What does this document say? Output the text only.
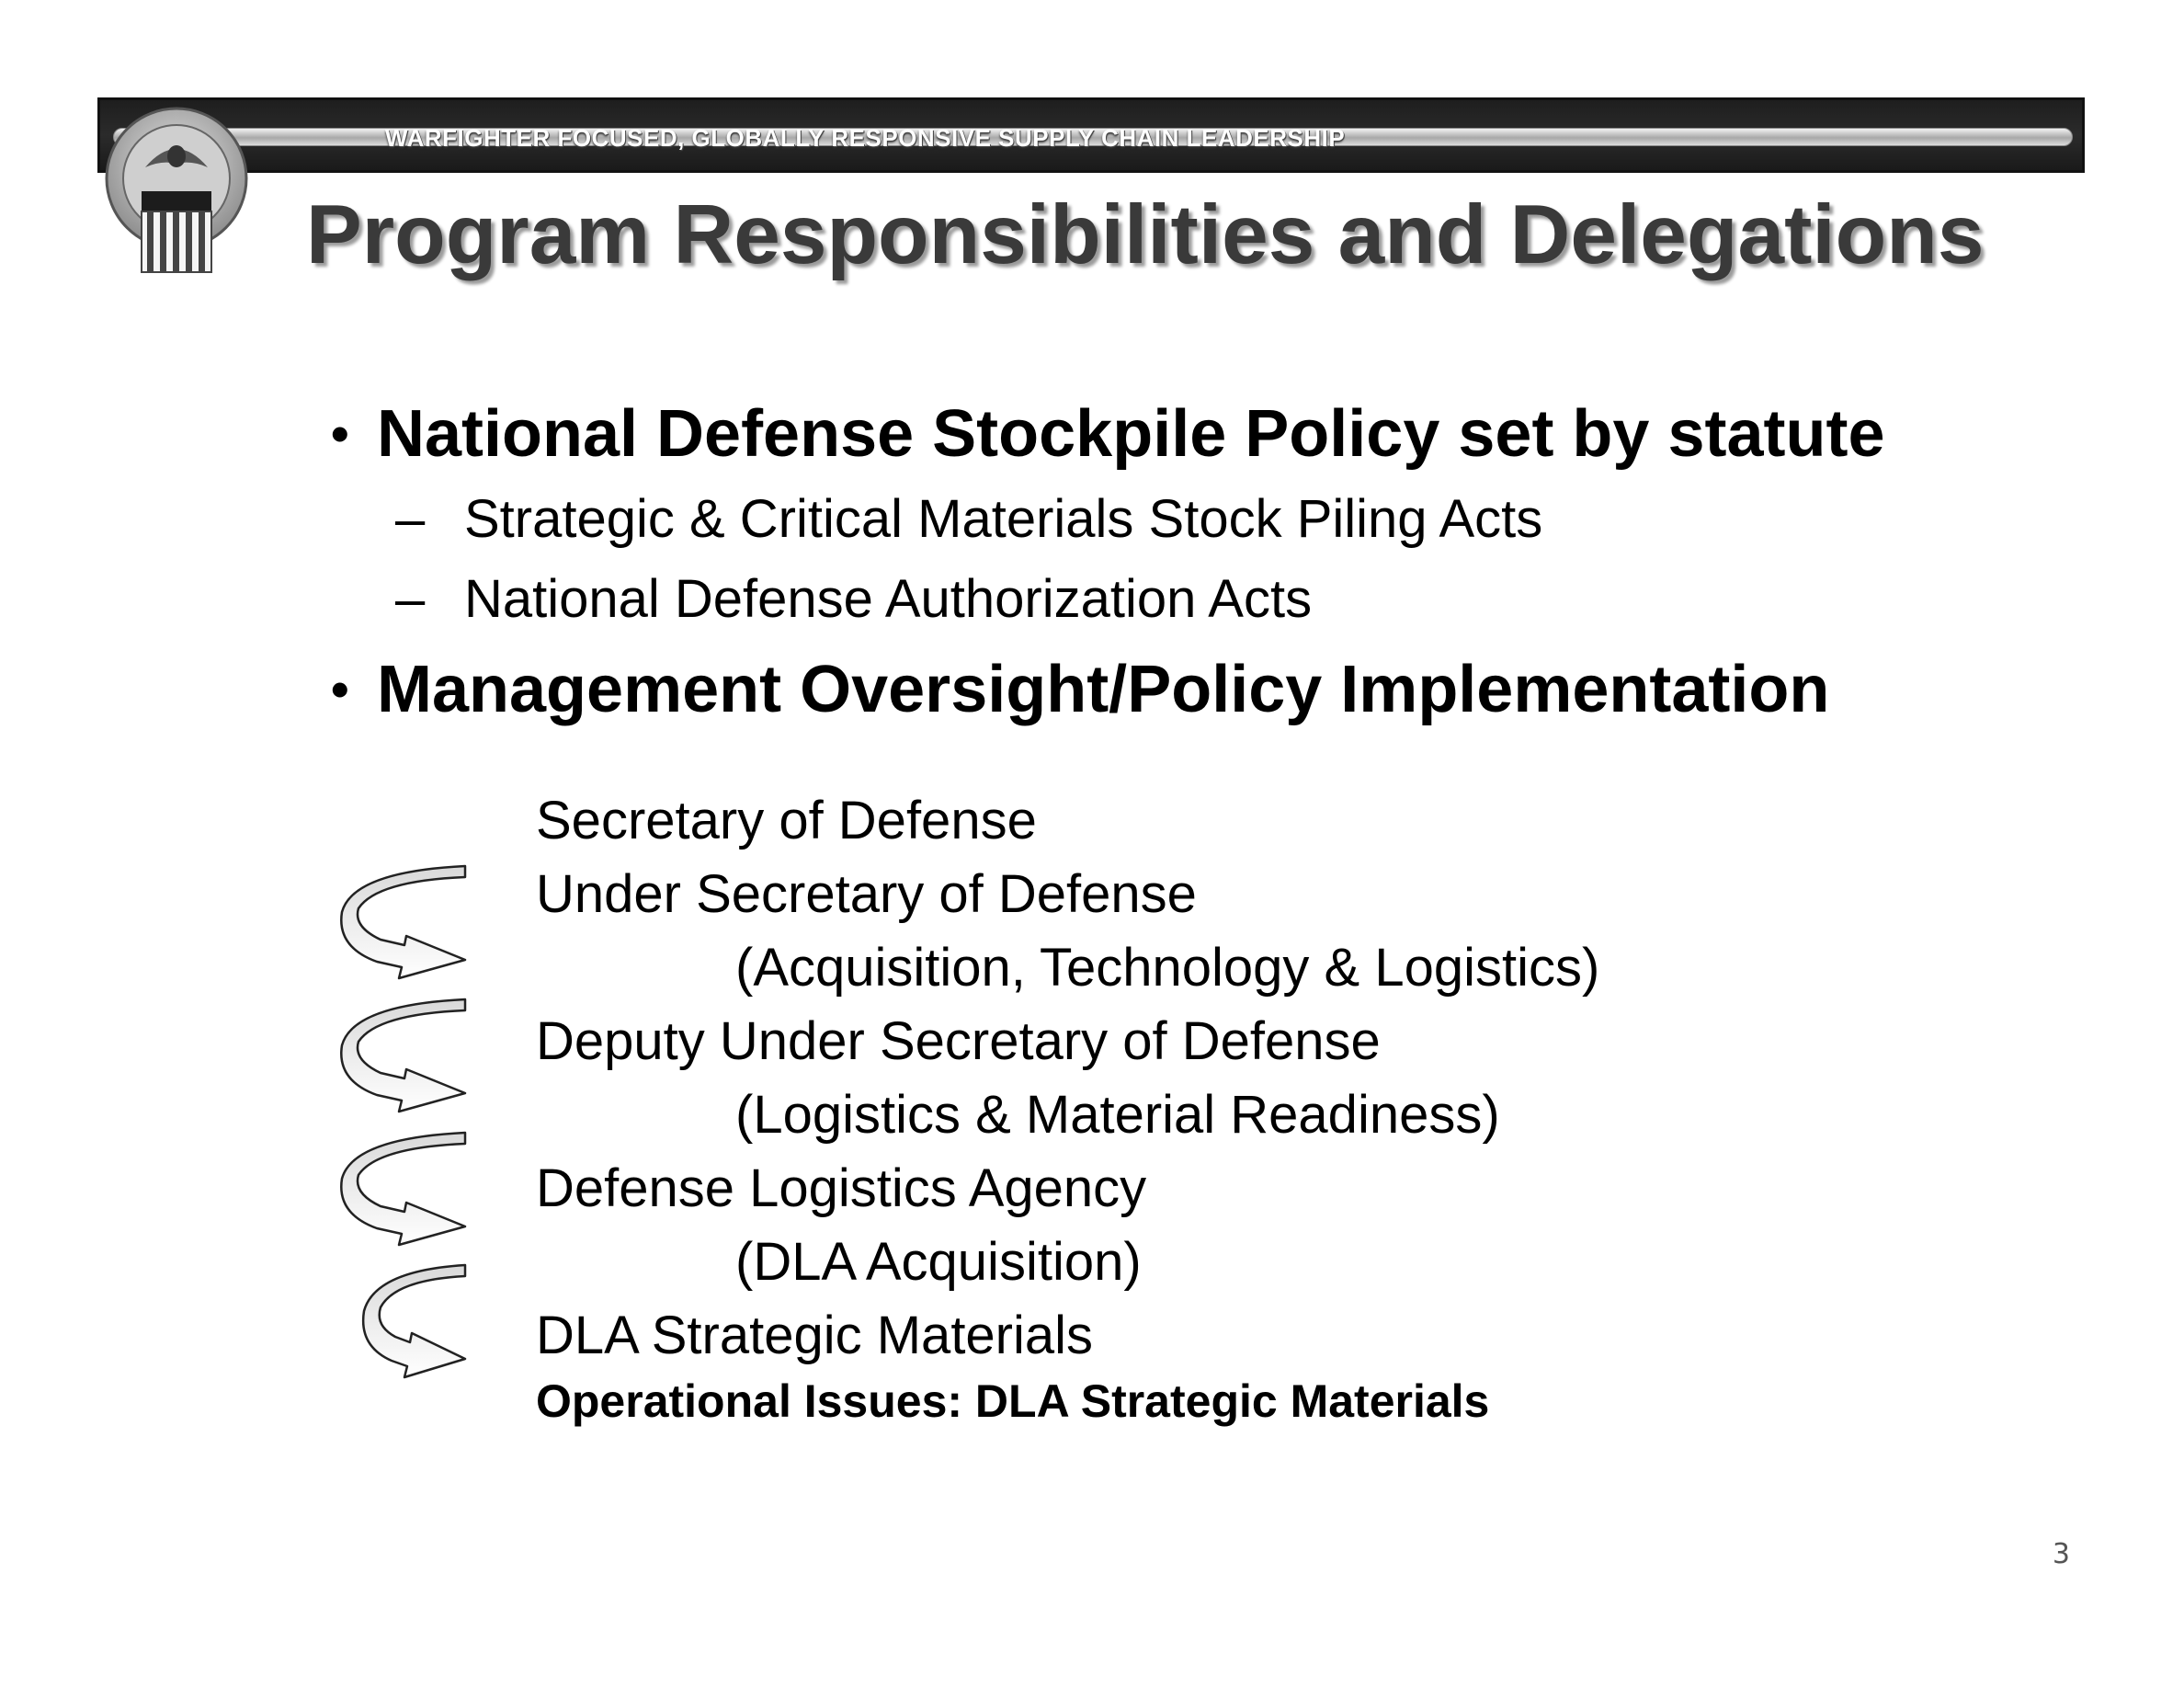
WARFIGHTER FOCUSED, GLOBALLY RESPONSIVE SUPPLY CHAIN LEADERSHIP
Program Responsibilities and Delegations
• National Defense Stockpile Policy set by statute
– Strategic & Critical Materials Stock Piling Acts
– National Defense Authorization Acts
• Management Oversight/Policy Implementation
Secretary of Defense
Under Secretary of Defense
(Acquisition, Technology & Logistics)
Deputy Under Secretary of Defense
(Logistics & Material Readiness)
Defense Logistics Agency
(DLA Acquisition)
DLA Strategic Materials
Operational Issues: DLA Strategic Materials
3
